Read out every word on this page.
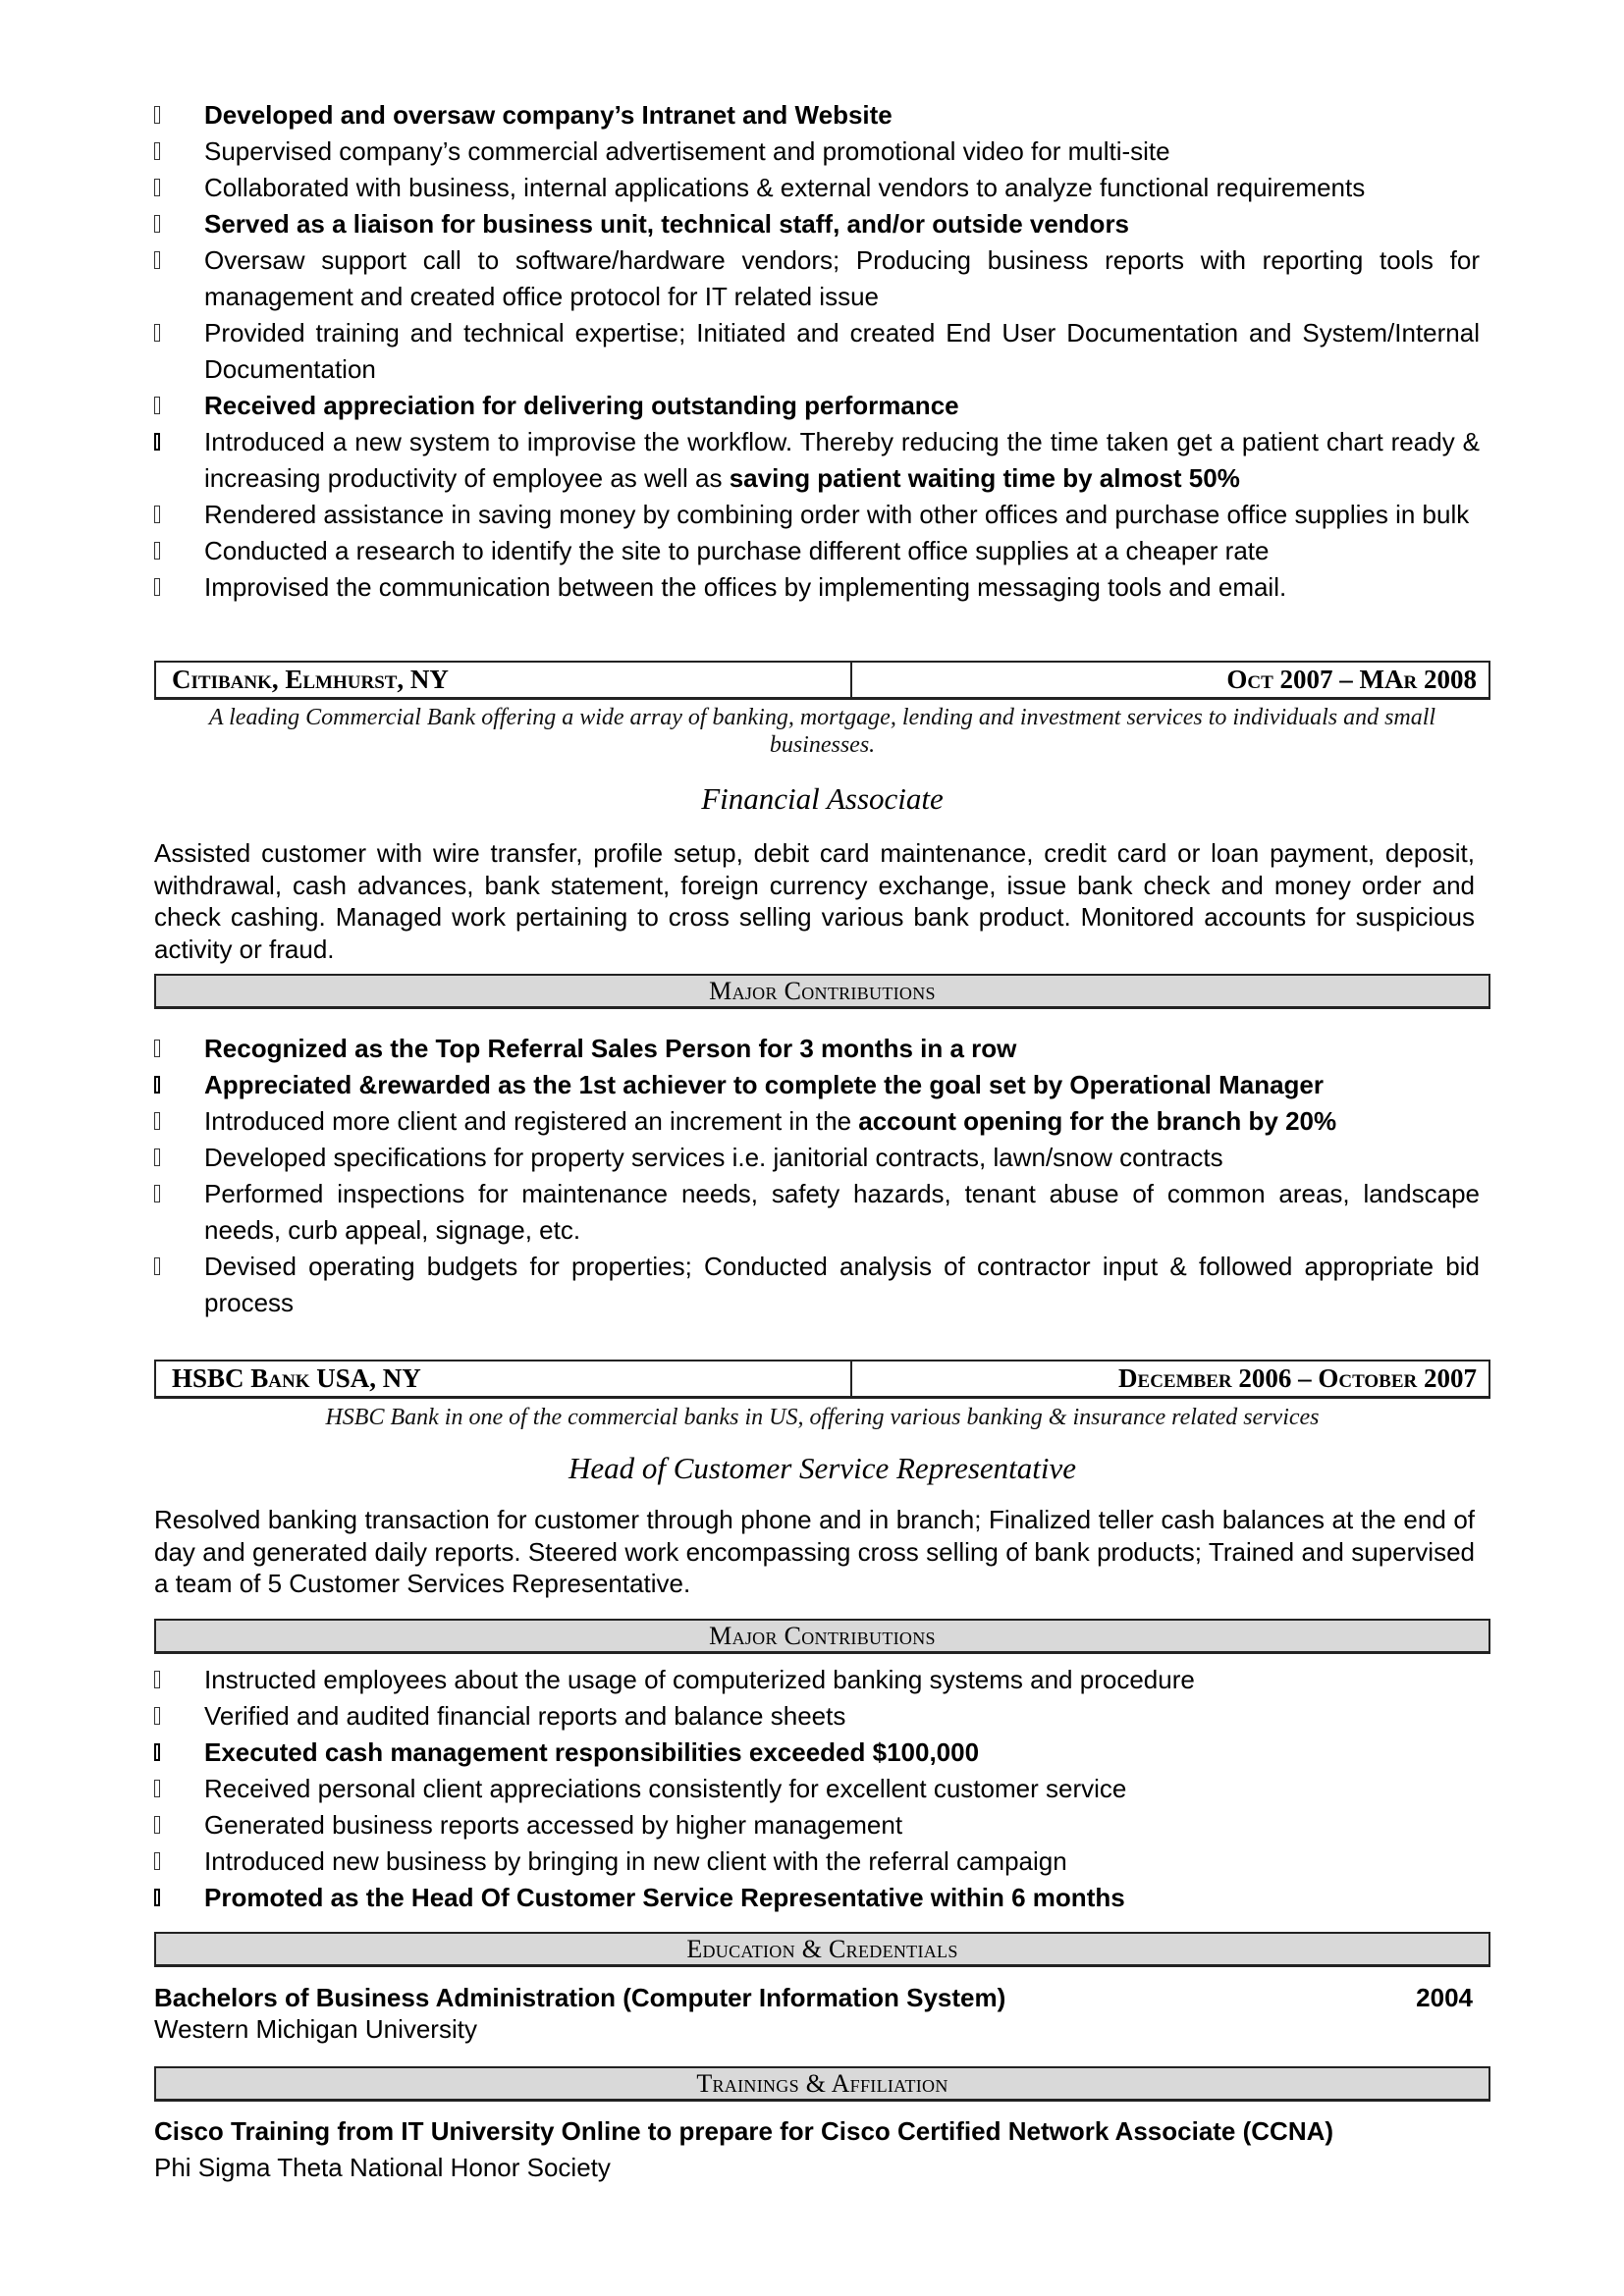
Developed and oversaw company’s Intranet and Website
Supervised company’s commercial advertisement and promotional video for multi-site
Collaborated with business, internal applications & external vendors to analyze functional requirements
Served as a liaison for business unit, technical staff, and/or outside vendors
Oversaw support call to software/hardware vendors; Producing business reports with reporting tools for management and created office protocol for IT related issue
Provided training and technical expertise; Initiated and created End User Documentation and System/Internal Documentation
Received appreciation for delivering outstanding performance
Introduced a new system to improvise the workflow. Thereby reducing the time taken get a patient chart ready & increasing productivity of employee as well as saving patient waiting time by almost 50%
Rendered assistance in saving money by combining order with other offices and purchase office supplies in bulk
Conducted a research to identify the site to purchase different office supplies at a cheaper rate
Improvised the communication between the offices by implementing messaging tools and email.
Citibank, Elmhurst, NY	Oct 2007 – MAr 2008
A leading Commercial Bank offering a wide array of banking, mortgage, lending and investment services to individuals and small businesses.
Financial Associate
Assisted customer with wire transfer, profile setup, debit card maintenance, credit card or loan payment, deposit, withdrawal, cash advances, bank statement, foreign currency exchange, issue bank check and money order and check cashing. Managed work pertaining to cross selling various bank product. Monitored accounts for suspicious activity or fraud.
Major Contributions
Recognized as the Top Referral Sales Person for 3 months in a row
Appreciated &rewarded as the 1st achiever to complete the goal set by Operational Manager
Introduced more client and registered an increment in the account opening for the branch by 20%
Developed specifications for property services i.e. janitorial contracts, lawn/snow contracts
Performed inspections for maintenance needs, safety hazards, tenant abuse of common areas, landscape needs, curb appeal, signage, etc.
Devised operating budgets for properties; Conducted analysis of contractor input & followed appropriate bid process
HSBC Bank USA, NY	December 2006 – October 2007
HSBC Bank in one of the commercial banks in US, offering various banking & insurance related services
Head of Customer Service Representative
Resolved banking transaction for customer through phone and in branch; Finalized teller cash balances at the end of day and generated daily reports. Steered work encompassing cross selling of bank products; Trained and supervised a team of 5 Customer Services Representative.
Major Contributions
Instructed employees about the usage of computerized banking systems and procedure
Verified and audited financial reports and balance sheets
Executed cash management responsibilities exceeded $100,000
Received personal client appreciations consistently for excellent customer service
Generated business reports accessed by higher management
Introduced new business by bringing in new client with the referral campaign
Promoted as the Head Of Customer Service Representative within 6 months
Education & Credentials
Bachelors of Business Administration (Computer Information System)	2004
Western Michigan University
Trainings & Affiliation
Cisco Training from IT University Online to prepare for Cisco Certified Network Associate (CCNA)
Phi Sigma Theta National Honor Society
